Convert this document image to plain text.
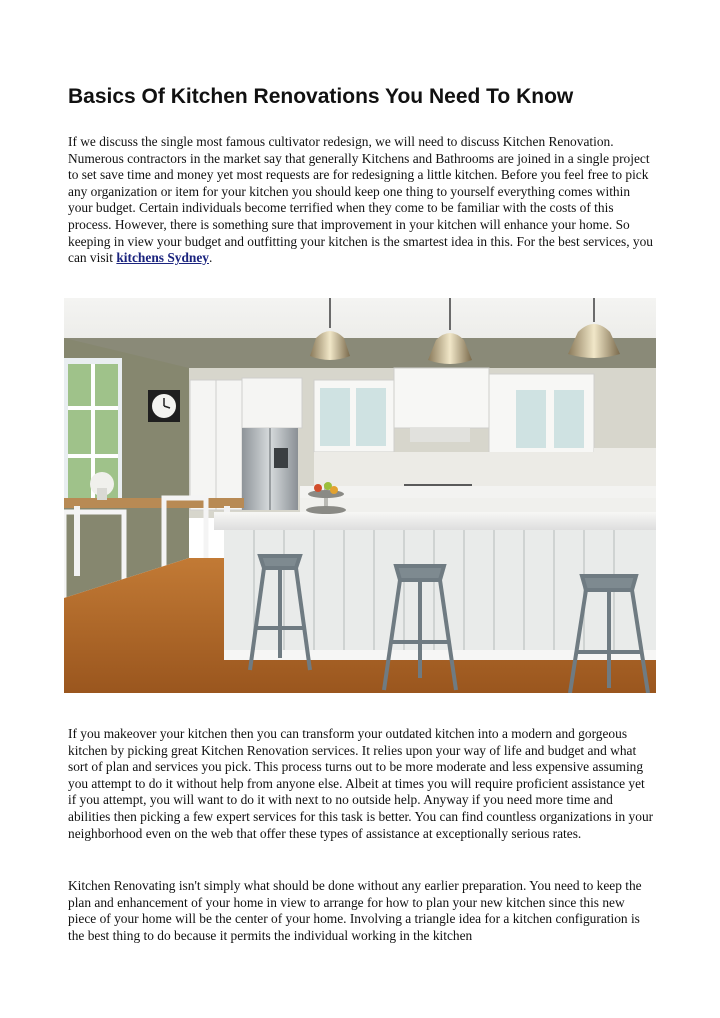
Basics Of Kitchen Renovations You Need To Know

If we discuss the single most famous cultivator redesign, we will need to discuss Kitchen Renovation. Numerous contractors in the market say that generally Kitchens and Bathrooms are joined in a single project to set save time and money yet most requests are for redesigning a little kitchen. Before you feel free to pick any organization or item for your kitchen you should keep one thing to yourself everything comes within your budget. Certain individuals become terrified when they come to be familiar with the costs of this process. However, there is something sure that improvement in your kitchen will enhance your home. So keeping in view your budget and outfitting your kitchen is the smartest idea in this. For the best services, you can visit kitchens Sydney.

If you makeover your kitchen then you can transform your outdated kitchen into a modern and gorgeous kitchen by picking great Kitchen Renovation services. It relies upon your way of life and budget and what sort of plan and services you pick. This process turns out to be more moderate and less expensive assuming you attempt to do it without help from anyone else. Albeit at times you will require proficient assistance yet if you attempt, you will want to do it with next to no outside help. Anyway if you need more time and abilities then picking a few expert services for this task is better. You can find countless organizations in your neighborhood even on the web that offer these types of assistance at exceptionally serious rates.

Kitchen Renovating isn't simply what should be done without any earlier preparation. You need to keep the plan and enhancement of your home in view to arrange for how to plan your new kitchen since this new piece of your home will be the center of your home. Involving a triangle idea for a kitchen configuration is the best thing to do because it permits the individual working in the kitchen
